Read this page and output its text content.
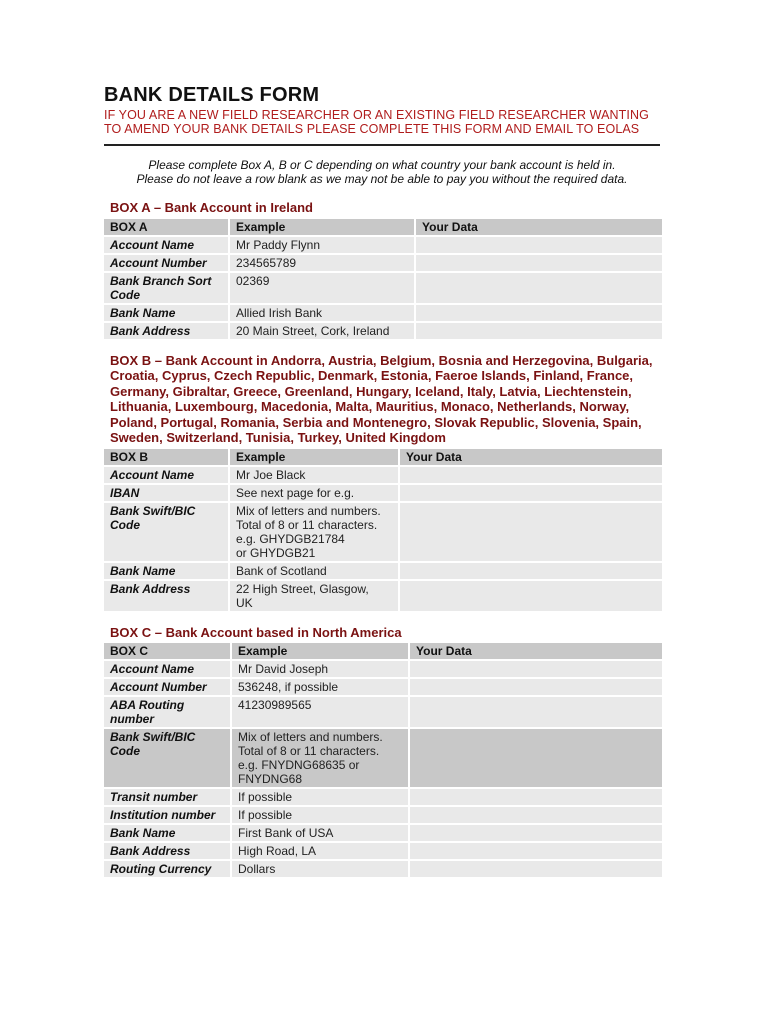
BANK DETAILS FORM
IF YOU ARE A NEW FIELD RESEARCHER OR AN EXISTING FIELD RESEARCHER WANTING TO AMEND YOUR BANK DETAILS PLEASE COMPLETE THIS FORM AND EMAIL TO EOLAS
Please complete Box A, B or C depending on what country your bank account is held in.
Please do not leave a row blank as we may not be able to pay you without the required data.
BOX A – Bank Account in Ireland
BOX A	Example	Your Data
Account Name	Mr Paddy Flynn	
Account Number	234565789	
Bank Branch Sort Code	02369	
Bank Name	Allied Irish Bank	
Bank Address	20 Main Street, Cork, Ireland	
BOX B – Bank Account in Andorra, Austria, Belgium, Bosnia and Herzegovina, Bulgaria, Croatia, Cyprus, Czech Republic, Denmark, Estonia, Faeroe Islands, Finland, France, Germany, Gibraltar, Greece, Greenland, Hungary, Iceland, Italy, Latvia, Liechtenstein, Lithuania, Luxembourg, Macedonia, Malta, Mauritius, Monaco, Netherlands, Norway, Poland, Portugal, Romania, Serbia and Montenegro, Slovak Republic, Slovenia, Spain, Sweden, Switzerland, Tunisia, Turkey, United Kingdom
BOX B	Example	Your Data
Account Name	Mr Joe Black	
IBAN	See next page for e.g.	
Bank Swift/BIC Code	Mix of letters and numbers.
Total of 8 or 11 characters.
e.g. GHYDGB21784
or GHYDGB21	

Bank Name	Bank of Scotland	
Bank Address	22 High Street, Glasgow,
UK	

BOX C – Bank Account based in North America
BOX C	Example	Your Data
Account Name	Mr David Joseph	
Account Number	536248, if possible	
ABA Routing number	41230989565	
Bank Swift/BIC Code	Mix of letters and numbers.
Total of 8 or 11 characters.
e.g. FNYDNG68635 or
FNYDNG68	

Transit number	If possible	
Institution number	If possible	
Bank Name	First Bank of USA	
Bank Address	High Road, LA	
Routing Currency	Dollars	
